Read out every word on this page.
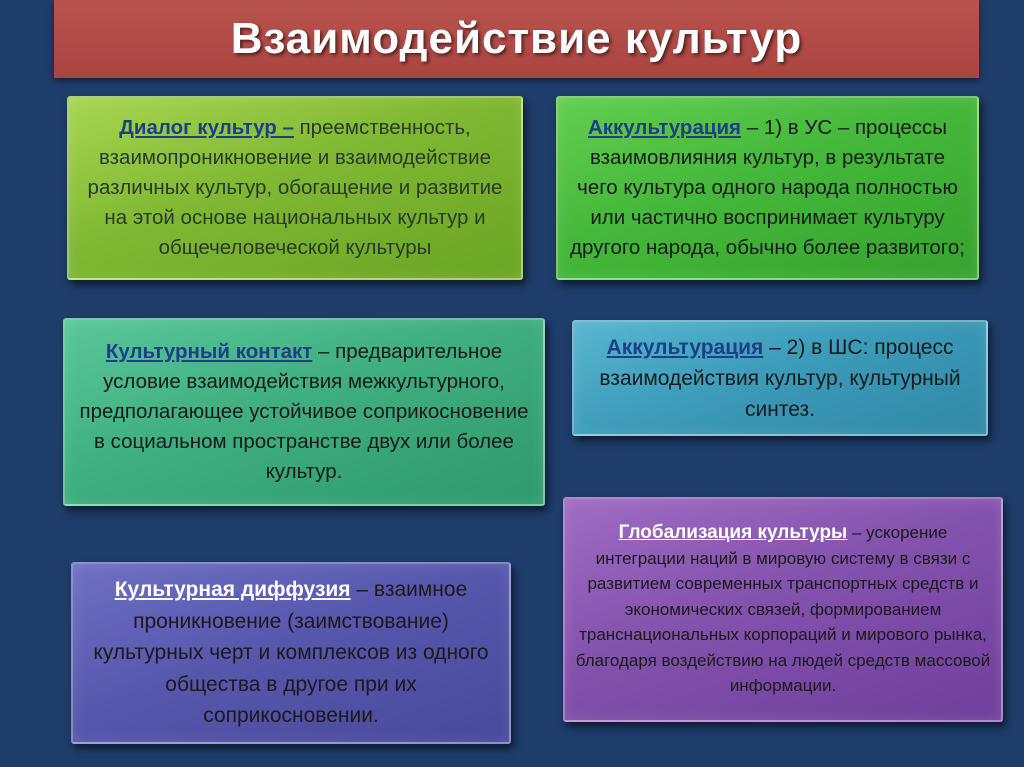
Взаимодействие культур

Диалог культур – преемственность, взаимопроникновение и взаимодействие различных культур, обогащение и развитие на этой основе национальных культур и общечеловеческой культуры

Аккультурация – 1) в УС – процессы взаимовлияния культур, в результате чего культура одного народа полностью или частично воспринимает культуру другого народа, обычно более развитого;

Культурный контакт – предварительное условие взаимодействия межкультурного, предполагающее устойчивое соприкосновение в социальном пространстве двух или более культур.

Аккультурация – 2) в ШС: процесс взаимодействия культур, культурный синтез.

Глобализация культуры – ускорение интеграции наций в мировую систему в связи с развитием современных транспортных средств и экономических связей, формированием транснациональных корпораций и мирового рынка, благодаря воздействию на людей средств массовой информации.

Культурная диффузия – взаимное проникновение (заимствование) культурных черт и комплексов из одного общества в другое при их соприкосновении.
